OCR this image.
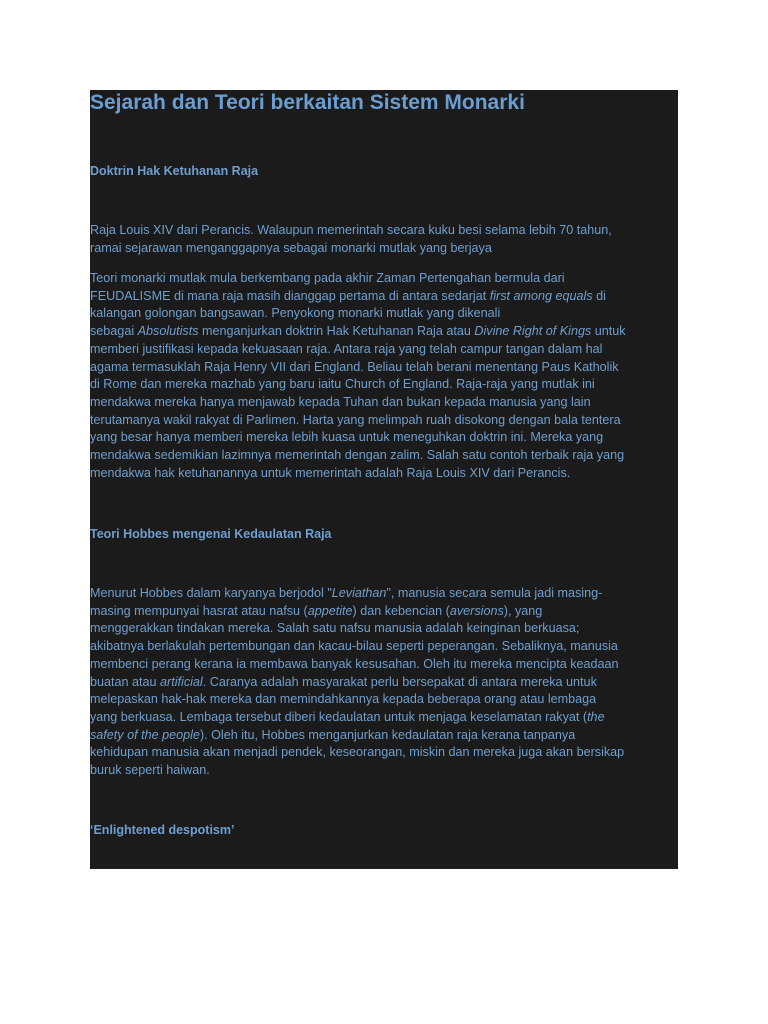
Sejarah dan Teori berkaitan Sistem Monarki
Doktrin Hak Ketuhanan Raja

Raja Louis XIV dari Perancis. Walaupun memerintah secara kuku besi selama lebih 70 tahun,
ramai sejarawan menganggapnya sebagai monarki mutlak yang berjaya

Teori monarki mutlak mula berkembang pada akhir Zaman Pertengahan bermula dari
FEUDALISME di mana raja masih dianggap pertama di antara sedarjat first among equals di
kalangan golongan bangsawan. Penyokong monarki mutlak yang dikenali
sebagai Absolutists menganjurkan doktrin Hak Ketuhanan Raja atau Divine Right of Kings untuk
memberi justifikasi kepada kekuasaan raja. Antara raja yang telah campur tangan dalam hal
agama termasuklah Raja Henry VII dari England. Beliau telah berani menentang Paus Katholik
di Rome dan mereka mazhab yang baru iaitu Church of England. Raja-raja yang mutlak ini
mendakwa mereka hanya menjawab kepada Tuhan dan bukan kepada manusia yang lain
terutamanya wakil rakyat di Parlimen. Harta yang melimpah ruah disokong dengan bala tentera
yang besar hanya memberi mereka lebih kuasa untuk meneguhkan doktrin ini. Mereka yang
mendakwa sedemikian lazimnya memerintah dengan zalim. Salah satu contoh terbaik raja yang
mendakwa hak ketuhanannya untuk memerintah adalah Raja Louis XIV dari Perancis.

Teori Hobbes mengenai Kedaulatan Raja

Menurut Hobbes dalam karyanya berjodol "Leviathan", manusia secara semula jadi masing-
masing mempunyai hasrat atau nafsu (appetite) dan kebencian (aversions), yang
menggerakkan tindakan mereka. Salah satu nafsu manusia adalah keinginan berkuasa;
akibatnya berlakulah pertembungan dan kacau-bilau seperti peperangan. Sebaliknya, manusia
membenci perang kerana ia membawa banyak kesusahan. Oleh itu mereka mencipta keadaan
buatan atau artificial. Caranya adalah masyarakat perlu bersepakat di antara mereka untuk
melepaskan hak-hak mereka dan memindahkannya kepada beberapa orang atau lembaga
yang berkuasa. Lembaga tersebut diberi kedaulatan untuk menjaga keselamatan rakyat (the
safety of the people). Oleh itu, Hobbes menganjurkan kedaulatan raja kerana tanpanya
kehidupan manusia akan menjadi pendek, keseorangan, miskin dan mereka juga akan bersikap
buruk seperti haiwan.

‘Enlightened despotism’
